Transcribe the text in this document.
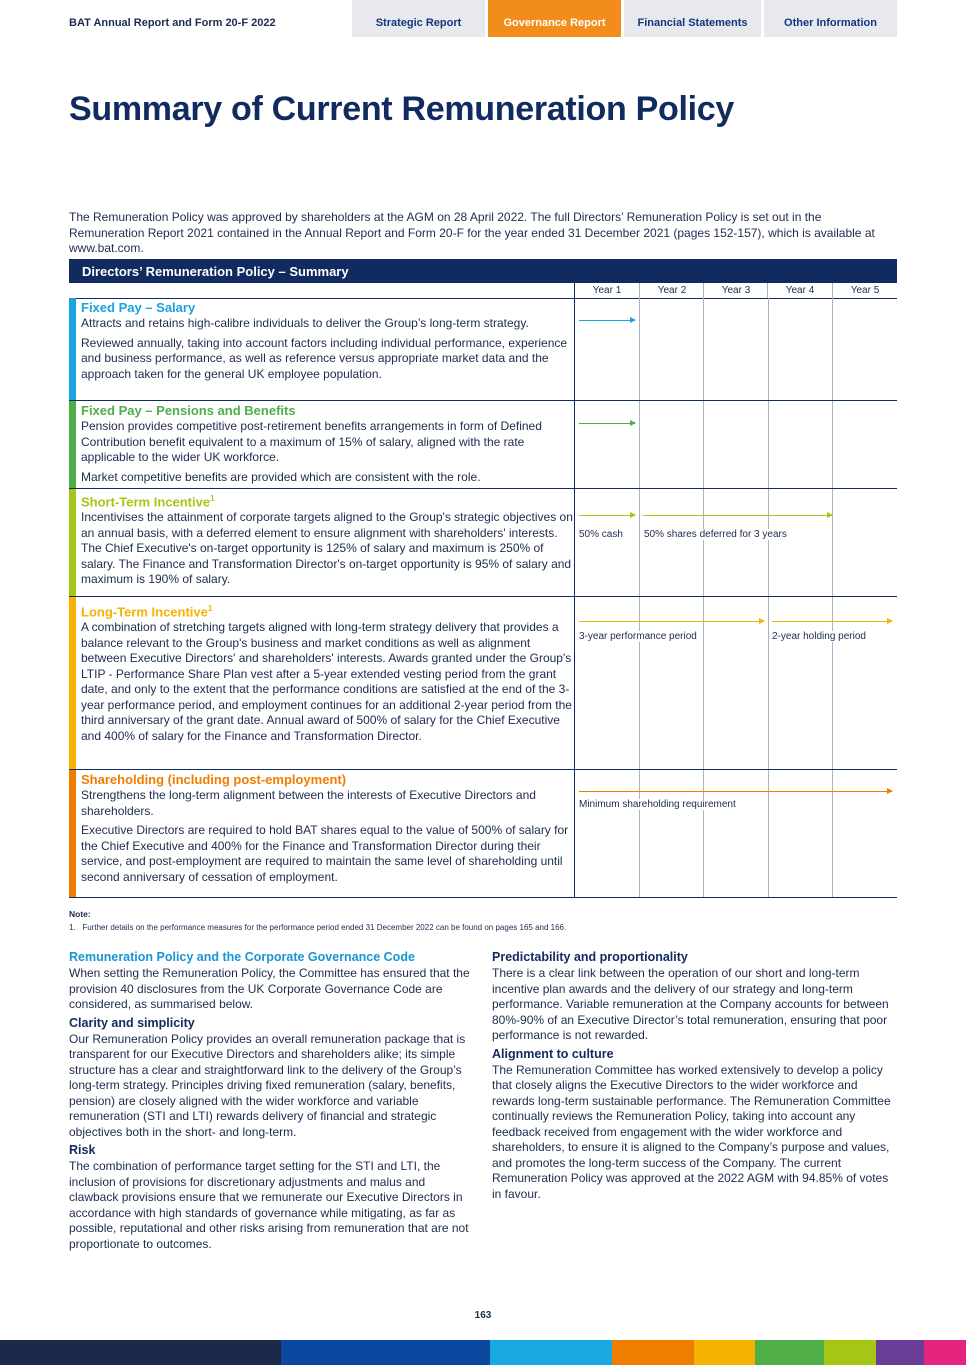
BAT Annual Report and Form 20-F 2022	Strategic Report	Governance Report	Financial Statements	Other Information
Summary of Current Remuneration Policy

The Remuneration Policy was approved by shareholders at the AGM on 28 April 2022. The full Directors’ Remuneration Policy is set out in the Remuneration Report 2021 contained in the Annual Report and Form 20-F for the year ended 31 December 2021 (pages 152-157), which is available at www.bat.com.

Directors’ Remuneration Policy – Summary
Year 1	Year 2	Year 3	Year 4	Year 5
Fixed Pay – Salary

Attracts and retains high-calibre individuals to deliver the Group’s long-term strategy.

Reviewed annually, taking into account factors including individual performance, experience and business performance, as well as reference versus appropriate market data and the approach taken for the general UK employee population.

Fixed Pay – Pensions and Benefits

Pension provides competitive post-retirement benefits arrangements in form of Defined Contribution benefit equivalent to a maximum of 15% of salary, aligned with the rate applicable to the wider UK workforce.

Market competitive benefits are provided which are consistent with the role.

Short-Term Incentive$^1$

Incentivises the attainment of corporate targets aligned to the Group's strategic objectives on an annual basis, with a deferred element to ensure alignment with shareholders' interests. The Chief Executive's on-target opportunity is 125% of salary and maximum is 250% of salary. The Finance and Transformation Director's on-target opportunity is 95% of salary and maximum is 190% of salary.

50% cash	50% shares deferred for 3 years
Long-Term Incentive$^1$

A combination of stretching targets aligned with long-term strategy delivery that provides a balance relevant to the Group's business and market conditions as well as alignment between Executive Directors' and shareholders' interests. Awards granted under the Group's LTIP - Performance Share Plan vest after a 5-year extended vesting period from the grant date, and only to the extent that the performance conditions are satisfied at the end of the 3-year performance period, and employment continues for an additional 2-year period from the third anniversary of the grant date. Annual award of 500% of salary for the Chief Executive and 400% of salary for the Finance and Transformation Director.

3-year performance period	2-year holding period
Shareholding (including post-employment)

Strengthens the long-term alignment between the interests of Executive Directors and shareholders.

Executive Directors are required to hold BAT shares equal to the value of 500% of salary for the Chief Executive and 400% for the Finance and Transformation Director during their service, and post-employment are required to maintain the same level of shareholding until second anniversary of cessation of employment.

Minimum shareholding requirement
Note:
1.   Further details on the performance measures for the performance period ended 31 December 2022 can be found on pages 165 and 166.
Remuneration Policy and the Corporate Governance Code

When setting the Remuneration Policy, the Committee has ensured that the provision 40 disclosures from the UK Corporate Governance Code are considered, as summarised below.

Clarity and simplicity

Our Remuneration Policy provides an overall remuneration package that is transparent for our Executive Directors and shareholders alike; its simple structure has a clear and straightforward link to the delivery of the Group’s long-term strategy. Principles driving fixed remuneration (salary, benefits, pension) are closely aligned with the wider workforce and variable remuneration (STI and LTI) rewards delivery of financial and strategic objectives both in the short- and long-term.

Risk

The combination of performance target setting for the STI and LTI, the inclusion of provisions for discretionary adjustments and malus and clawback provisions ensure that we remunerate our Executive Directors in accordance with high standards of governance while mitigating, as far as possible, reputational and other risks arising from remuneration that are not proportionate to outcomes.

Predictability and proportionality

There is a clear link between the operation of our short and long-term incentive plan awards and the delivery of our strategy and long-term performance. Variable remuneration at the Company accounts for between 80%-90% of an Executive Director’s total remuneration, ensuring that poor performance is not rewarded.

Alignment to culture

The Remuneration Committee has worked extensively to develop a policy that closely aligns the Executive Directors to the wider workforce and rewards long-term sustainable performance. The Remuneration Committee continually reviews the Remuneration Policy, taking into account any feedback received from engagement with the wider workforce and shareholders, to ensure it is aligned to the Company’s purpose and values, and promotes the long-term success of the Company. The current Remuneration Policy was approved at the 2022 AGM with 94.85% of votes in favour.

163
